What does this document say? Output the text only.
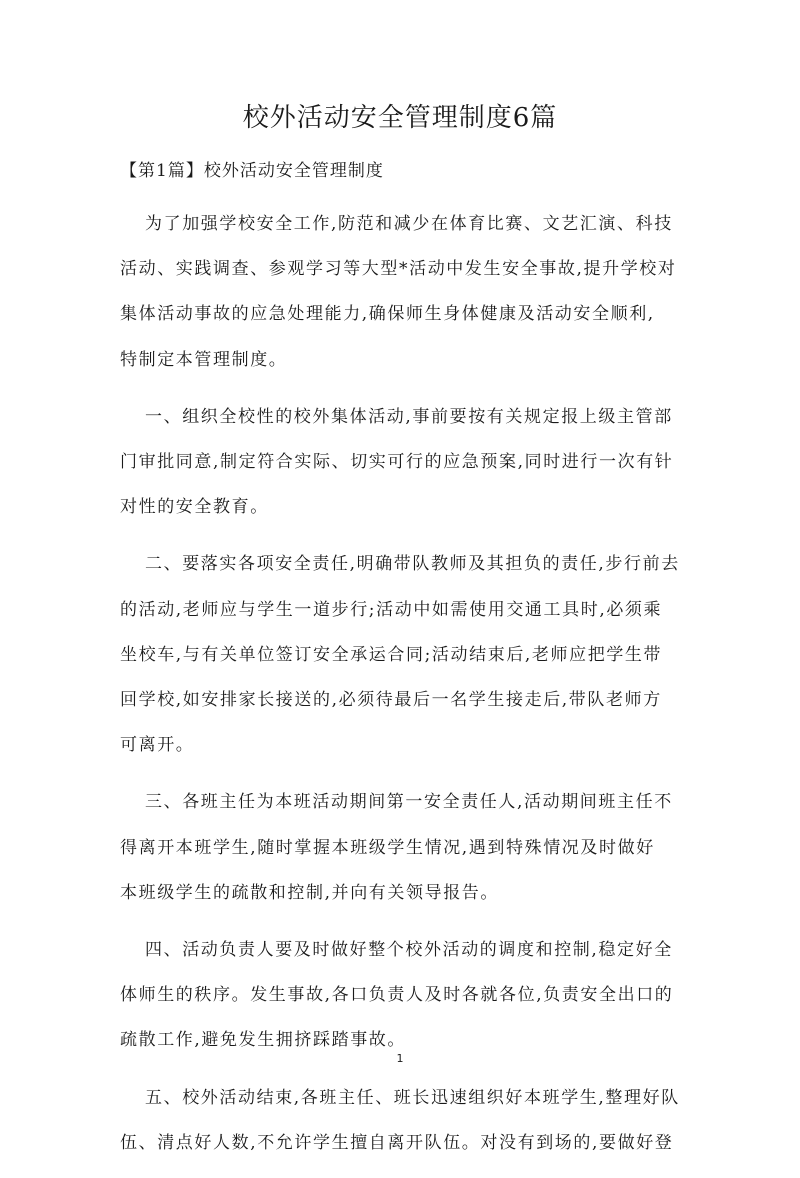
校外活动安全管理制度6篇
【第1篇】校外活动安全管理制度

为了加强学校安全工作,防范和减少在体育比赛、文艺汇演、科技
活动、实践调查、参观学习等大型*活动中发生安全事故,提升学校对
集体活动事故的应急处理能力,确保师生身体健康及活动安全顺利,
特制定本管理制度。

一、组织全校性的校外集体活动,事前要按有关规定报上级主管部
门审批同意,制定符合实际、切实可行的应急预案,同时进行一次有针
对性的安全教育。

二、要落实各项安全责任,明确带队教师及其担负的责任,步行前去
的活动,老师应与学生一道步行;活动中如需使用交通工具时,必须乘
坐校车,与有关单位签订安全承运合同;活动结束后,老师应把学生带
回学校,如安排家长接送的,必须待最后一名学生接走后,带队老师方
可离开。

三、各班主任为本班活动期间第一安全责任人,活动期间班主任不
得离开本班学生,随时掌握本班级学生情况,遇到特殊情况及时做好
本班级学生的疏散和控制,并向有关领导报告。

四、活动负责人要及时做好整个校外活动的调度和控制,稳定好全
体师生的秩序。发生事故,各口负责人及时各就各位,负责安全出口的
疏散工作,避免发生拥挤踩踏事故。

五、校外活动结束,各班主任、班长迅速组织好本班学生,整理好队
伍、清点好人数,不允许学生擅自离开队伍。对没有到场的,要做好登

1
